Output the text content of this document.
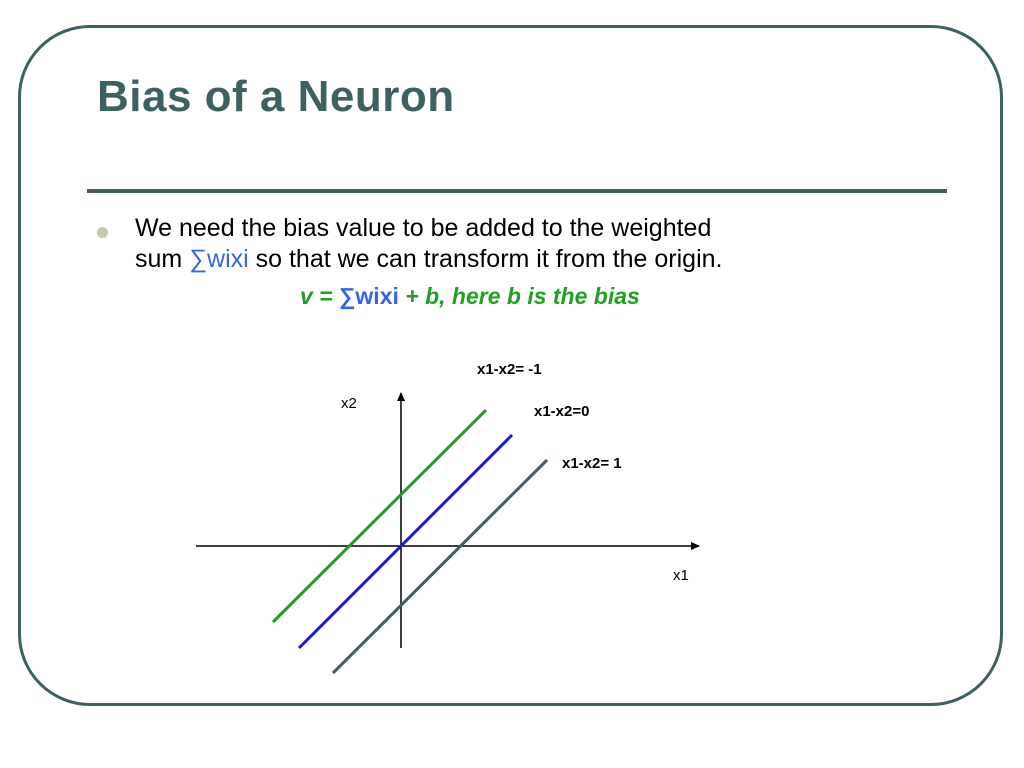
Bias of a Neuron
We need the bias value to be added to the weighted
sum ∑wixi so that we can transform it from the origin.
v = ∑wixi + b, here b is the bias
x2
x1
x1-x2= -1
x1-x2=0
x1-x2= 1
